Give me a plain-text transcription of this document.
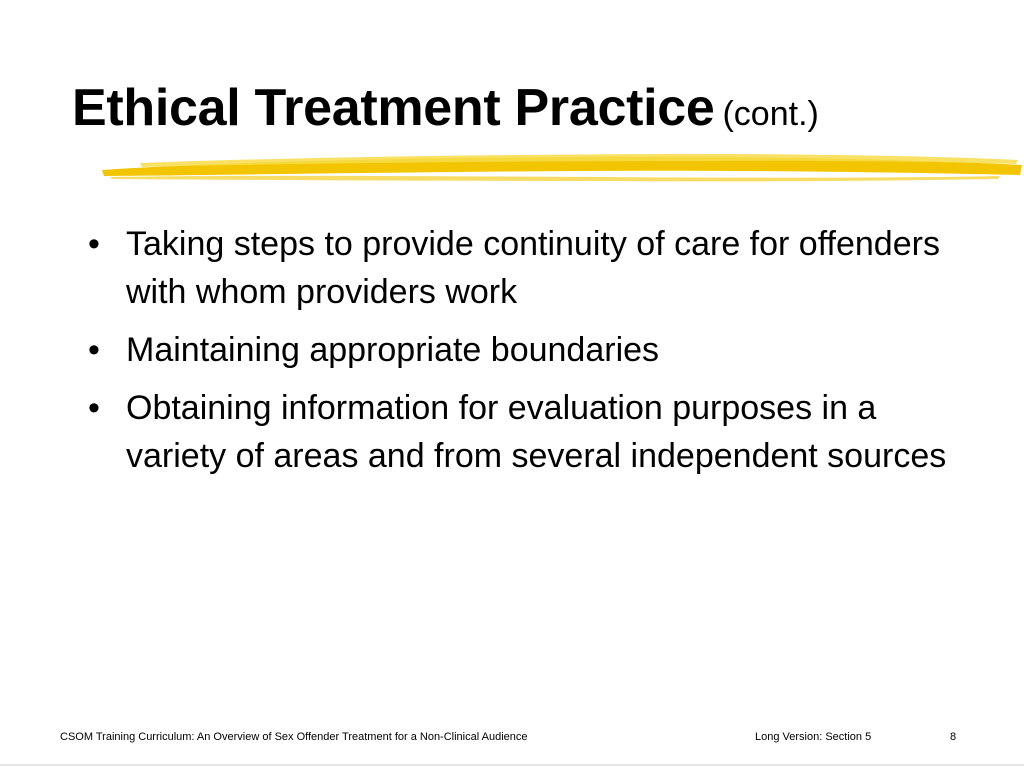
Ethical Treatment Practice (cont.)
• Taking steps to provide continuity of care for offenders with whom providers work
• Maintaining appropriate boundaries
• Obtaining information for evaluation purposes in a variety of areas and from several independent sources
CSOM Training Curriculum: An Overview of Sex Offender Treatment for a Non-Clinical Audience	Long Version: Section 5	8
